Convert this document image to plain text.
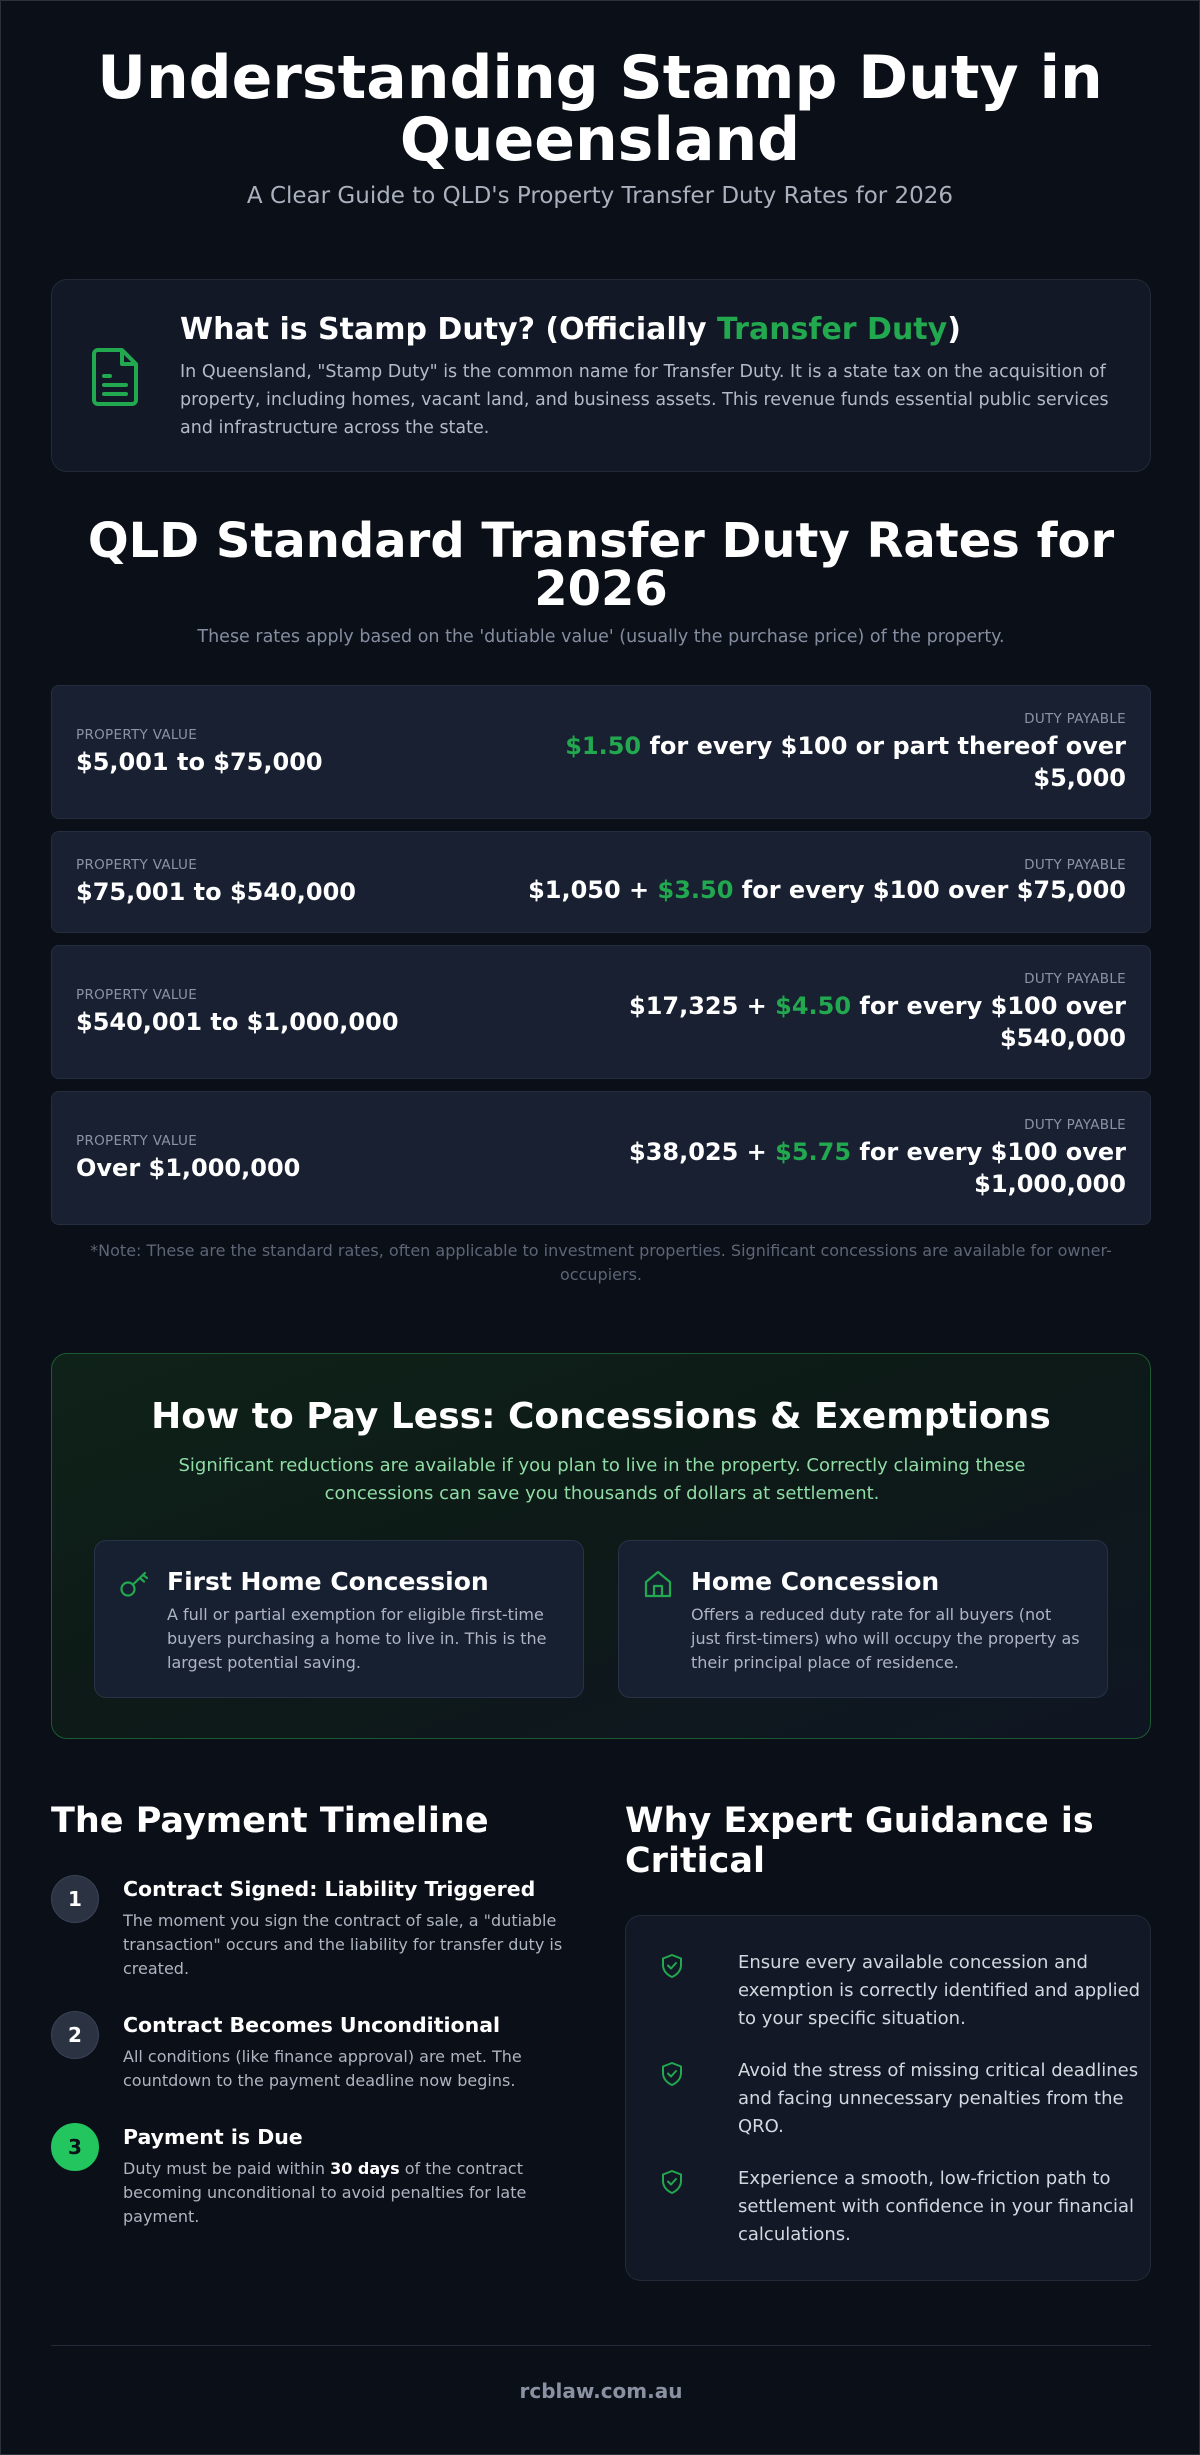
Understanding Stamp Duty in Queensland
A Clear Guide to QLD's Property Transfer Duty Rates for 2026
What is Stamp Duty? (Officially Transfer Duty)

In Queensland, "Stamp Duty" is the common name for Transfer Duty. It is a state tax on the acquisition of property, including homes, vacant land, and business assets. This revenue funds essential public services and infrastructure across the state.

QLD Standard Transfer Duty Rates for 2026

These rates apply based on the 'dutiable value' (usually the purchase price) of the property.

PROPERTY VALUE
$5,001 to $75,000
DUTY PAYABLE
$1.50 for every $100 or part thereof over $5,000
PROPERTY VALUE
$75,001 to $540,000
DUTY PAYABLE
$1,050 + $3.50 for every $100 over $75,000
PROPERTY VALUE
$540,001 to $1,000,000
DUTY PAYABLE
$17,325 + $4.50 for every $100 over $540,000
PROPERTY VALUE
Over $1,000,000
DUTY PAYABLE
$38,025 + $5.75 for every $100 over $1,000,000

*Note: These are the standard rates, often applicable to investment properties. Significant concessions are available for owner-occupiers.

How to Pay Less: Concessions & Exemptions

Significant reductions are available if you plan to live in the property. Correctly claiming these concessions can save you thousands of dollars at settlement.

First Home Concession

A full or partial exemption for eligible first-time buyers purchasing a home to live in. This is the largest potential saving.

Home Concession

Offers a reduced duty rate for all buyers (not just first-timers) who will occupy the property as their principal place of residence.

The Payment Timeline
1	Contract Signed: Liability Triggered

The moment you sign the contract of sale, a "dutiable transaction" occurs and the liability for transfer duty is created.

2	Contract Becomes Unconditional

All conditions (like finance approval) are met. The countdown to the payment deadline now begins.

3	Payment is Due

Duty must be paid within 30 days of the contract becoming unconditional to avoid penalties for late payment.

Why Expert Guidance is Critical

Ensure every available concession and exemption is correctly identified and applied to your specific situation.

Avoid the stress of missing critical deadlines and facing unnecessary penalties from the QRO.

Experience a smooth, low-friction path to settlement with confidence in your financial calculations.

rcblaw.com.au
